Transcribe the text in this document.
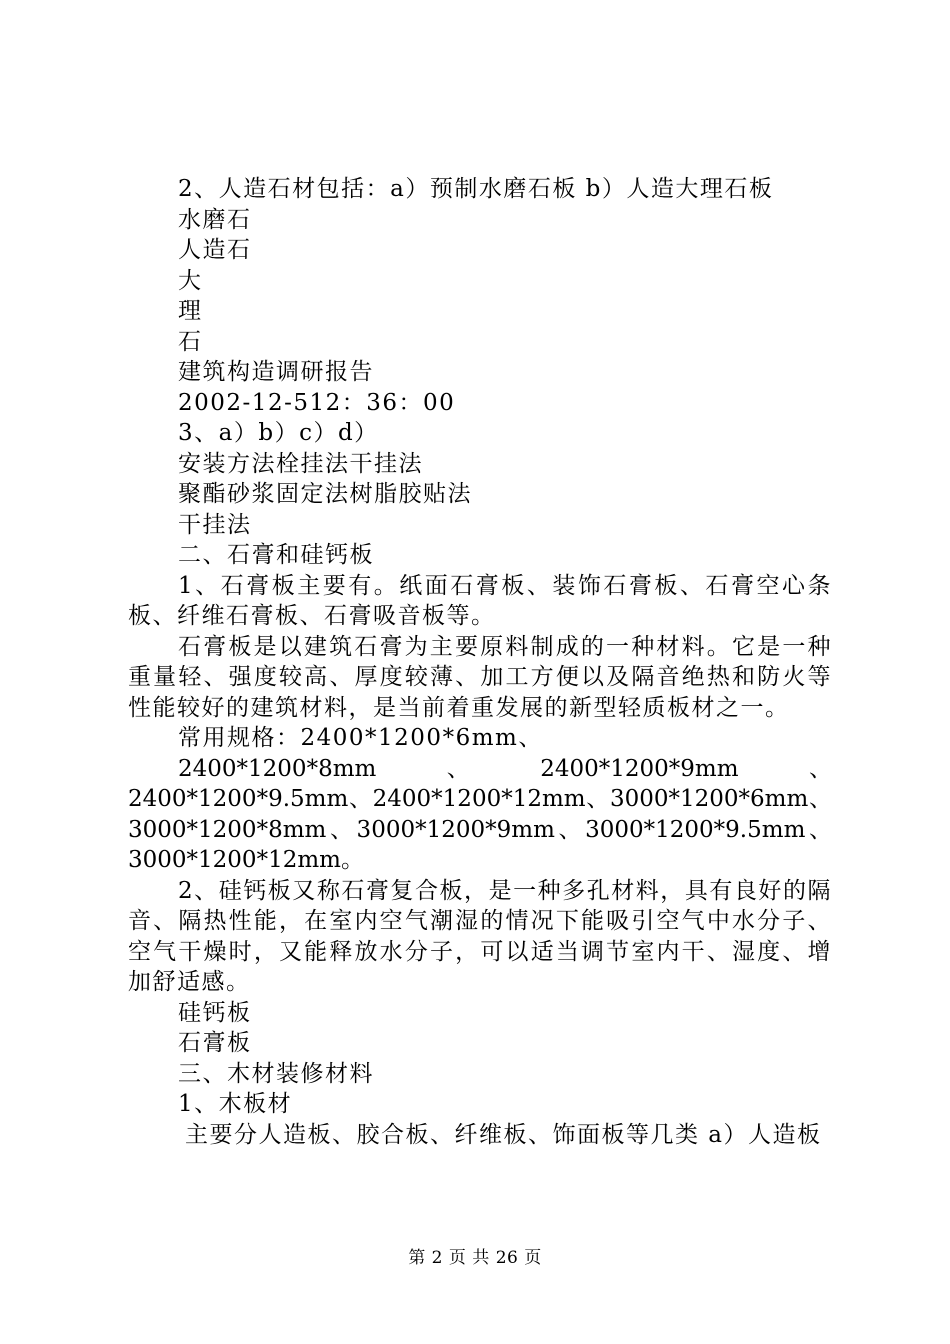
2、人造石材包括：a）预制水磨石板 b）人造大理石板
水磨石
人造石
大
理
石
建筑构造调研报告
2002-12-512：36：00
3、a）b）c）d）
安装方法栓挂法干挂法
聚酯砂浆固定法树脂胶贴法
干挂法
二、石膏和硅钙板
1、石膏板主要有。纸面石膏板、装饰石膏板、石膏空心条板、纤维石膏板、石膏吸音板等。
石膏板是以建筑石膏为主要原料制成的一种材料。它是一种重量轻、强度较高、厚度较薄、加工方便以及隔音绝热和防火等性能较好的建筑材料，是当前着重发展的新型轻质板材之一。
常用规格：2400*1200*6mm、
2400*1200*8mm、2400*1200*9mm、2400*1200*9.5mm、2400*1200*12mm、3000*1200*6mm、3000*1200*8mm、3000*1200*9mm、3000*1200*9.5mm、3000*1200*12mm。
2、硅钙板又称石膏复合板，是一种多孔材料，具有良好的隔音、隔热性能，在室内空气潮湿的情况下能吸引空气中水分子、空气干燥时，又能释放水分子，可以适当调节室内干、湿度、增加舒适感。
硅钙板
石膏板
三、木材装修材料
1、木板材
主要分人造板、胶合板、纤维板、饰面板等几类 a）人造板
第 2 页 共 26 页
